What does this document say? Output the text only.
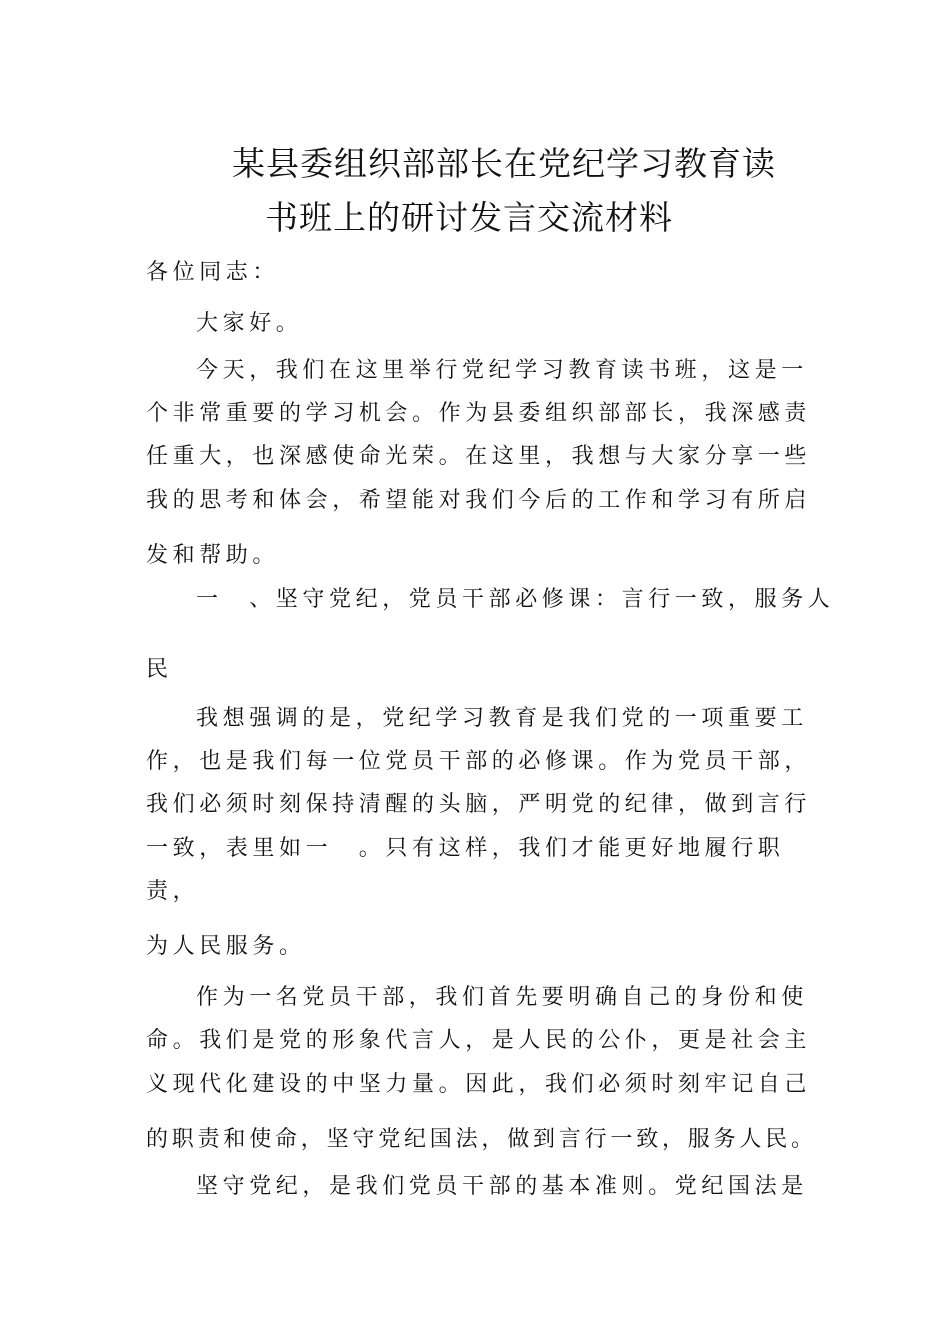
某县委组织部部长在党纪学习教育读
书班上的研讨发言交流材料
各位同志：
大家好。
今天，我们在这里举行党纪学习教育读书班，这是一
个非常重要的学习机会。作为县委组织部部长，我深感责
任重大，也深感使命光荣。在这里，我想与大家分享一些
我的思考和体会，希望能对我们今后的工作和学习有所启
发和帮助。
一　、坚守党纪，党员干部必修课：言行一致，服务人
民
我想强调的是，党纪学习教育是我们党的一项重要工
作，也是我们每一位党员干部的必修课。作为党员干部，
我们必须时刻保持清醒的头脑，严明党的纪律，做到言行
一致，表里如一　。只有这样，我们才能更好地履行职
责，
为人民服务。
作为一名党员干部，我们首先要明确自己的身份和使
命。我们是党的形象代言人，是人民的公仆，更是社会主
义现代化建设的中坚力量。因此，我们必须时刻牢记自己
的职责和使命，坚守党纪国法，做到言行一致，服务人民。
坚守党纪，是我们党员干部的基本准则。党纪国法是
